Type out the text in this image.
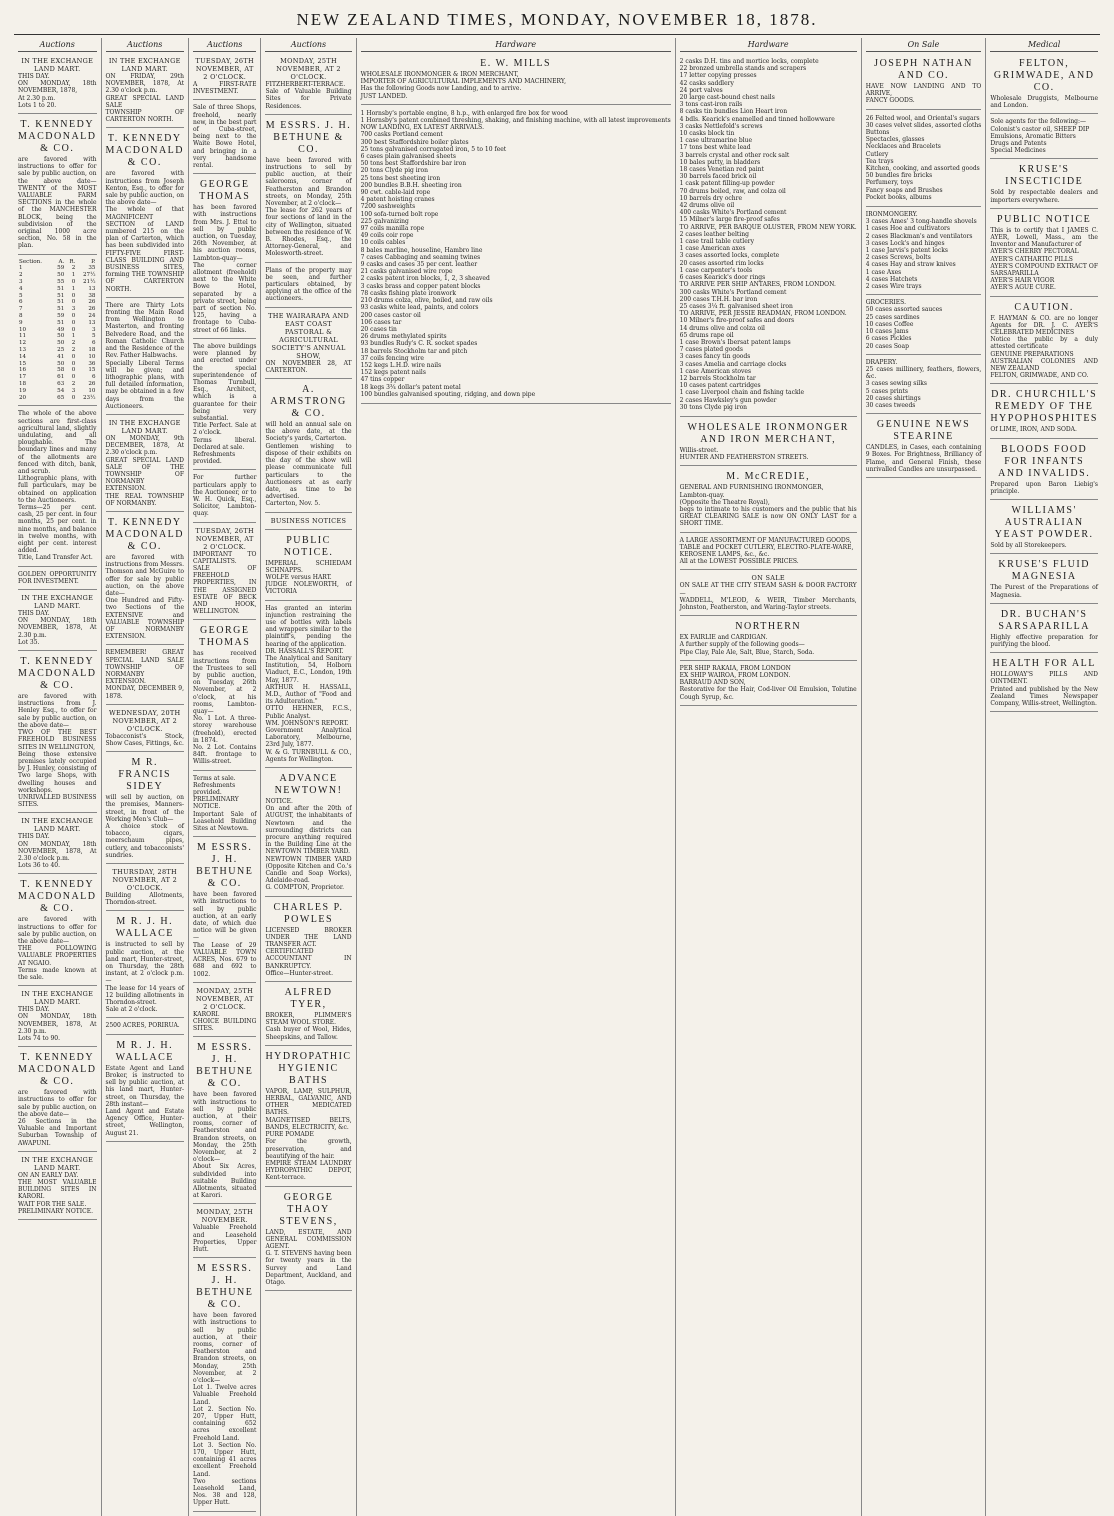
NEW ZEALAND TIMES, MONDAY, NOVEMBER 18, 1878.
Auctions
IN THE EXCHANGE LAND MART.
THIS DAY.
ON MONDAY, 18th NOVEMBER, 1878,
At 2.30 p.m.
Lots 1 to 20.
T. KENNEDY MACDONALD & CO.
are favored with instructions to offer for sale by public auction, on the above date—TWENTY of the MOST VALUABLE FARM SECTIONS in the whole of the MANCHESTER BLOCK, being the subdivision of the original 1000 acre section, No. 58 in the plan.
Section.	A.	R.	P.
1	59	2	35
2	50	1	27½
3	55	0	21½
4	51	1	13
5	51	0	38
6	51	0	26
7	51	3	26
8	59	0	24
9	51	0	13
10	49	0	3
11	50	1	5
12	50	2	6
13	25	2	18
14	41	0	10
15	50	0	36
16	58	0	15
17	61	0	6
18	63	2	26
19	54	3	10
20	65	0	23½
The whole of the above sections are first-class agricultural land, slightly undulating, and all ploughable. The boundary lines and many of the allotments are fenced with ditch, bank, and scrub.
Lithographic plans, with full particulars, may be obtained on application to the Auctioneers.
Terms—25 per cent. cash, 25 per cent. in four months, 25 per cent. in nine months, and balance in twelve months, with eight per cent. interest added.
Title, Land Transfer Act.
GOLDEN OPPORTUNITY FOR INVESTMENT.
IN THE EXCHANGE LAND MART.
THIS DAY.
ON MONDAY, 18th NOVEMBER, 1878, At 2.30 p.m.
Lot 35.
T. KENNEDY MACDONALD & CO.
are favored with instructions from J. Henley Esq., to offer for sale by public auction, on the above date—
TWO OF THE BEST FREEHOLD BUSINESS SITES IN WELLINGTON,
Being those extensive premises lately occupied by J. Hunley, consisting of Two large Shops, with dwelling houses and workshops.
UNRIVALLED BUSINESS SITES.
IN THE EXCHANGE LAND MART.
THIS DAY.
ON MONDAY, 18th NOVEMBER, 1878, At 2.30 o'clock p.m.
Lots 36 to 40.
T. KENNEDY MACDONALD & CO.
are favored with instructions to offer for sale by public auction, on the above date—
THE FOLLOWING VALUABLE PROPERTIES AT NGAIO.
Terms made known at the sale.
IN THE EXCHANGE LAND MART.
THIS DAY.
ON MONDAY, 18th NOVEMBER, 1878, At 2.30 p.m.
Lots 74 to 90.
T. KENNEDY MACDONALD & CO.
are favored with instructions to offer for sale by public auction, on the above date—
26 Sections in the Valuable and Important Suburban Township of AWAPUNI.
IN THE EXCHANGE LAND MART.
ON AN EARLY DAY.
THE MOST VALUABLE BUILDING SITES IN KARORI.
WAIT FOR THE SALE.
PRELIMINARY NOTICE.
Auctions
IN THE EXCHANGE LAND MART.
ON FRIDAY, 29th NOVEMBER, 1878, At 2.30 o'clock p.m.
GREAT SPECIAL LAND SALE
TOWNSHIP OF CARTERTON NORTH.
T. KENNEDY MACDONALD & CO.
are favored with instructions from Joseph Kenton, Esq., to offer for sale by public auction, on the above date—
The whole of that MAGNIFICENT SECTION of LAND numbered 215 on the plan of Carterton, which has been subdivided into FIFTY-FIVE FIRST-CLASS BUILDING AND BUSINESS SITES, forming THE TOWNSHIP OF CARTERTON NORTH.
There are Thirty Lots fronting the Main Road from Wellington to Masterton, and fronting Belvedere Road, and the Roman Catholic Church and the Residence of the Rev. Father Halbwachs.
Specially Liberal Terms will be given; and lithographic plans, with full detailed information, may be obtained in a few days from the Auctioneers.
IN THE EXCHANGE LAND MART.
ON MONDAY, 9th DECEMBER, 1878, At 2.30 o'clock p.m.
GREAT SPECIAL LAND SALE OF THE TOWNSHIP OF NORMANBY EXTENSION.
THE REAL TOWNSHIP OF NORMANBY.
T. KENNEDY MACDONALD & CO.
are favored with instructions from Messrs. Thomson and McGuire to offer for sale by public auction, on the above date—
One Hundred and Fifty-two Sections of the EXTENSIVE and VALUABLE TOWNSHIP OF NORMANBY EXTENSION.
REMEMBER! GREAT SPECIAL LAND SALE TOWNSHIP OF NORMANBY EXTENSION.
MONDAY, DECEMBER 9, 1878.
WEDNESDAY, 20TH NOVEMBER, AT 2 O'CLOCK.
Tobacconist's Stock, Show Cases, Fittings, &c.
M R. FRANCIS SIDEY
will sell by auction, on the premises, Manners-street, in front of the Working Men's Club—
A choice stock of tobacco, cigars, meerschaum pipes, cutlery, and tobacconists' sundries.
THURSDAY, 28TH NOVEMBER, AT 2 O'CLOCK.
Building Allotments, Thorndon-street.
M R. J. H. WALLACE
is instructed to sell by public auction, at the land mart, Hunter-street, on Thursday, the 28th instant, at 2 o'clock p.m.—
The lease for 14 years of 12 building allotments in Thorndon-street.
Sale at 2 o'clock.
2500 ACRES, PORIRUA.
M R. J. H. WALLACE
Estate Agent and Land Broker, is instructed to sell by public auction, at his land mart, Hunter-street, on Thursday, the 28th instant—
Land Agent and Estate Agency Office, Hunter-street, Wellington, August 21.
Auctions
TUESDAY, 26TH NOVEMBER, AT 2 O'CLOCK.
A FIRST-RATE INVESTMENT.
Sale of three Shops, freehold, nearly new, in the best part of Cuba-street, being next to the Waite Bowe Hotel, and bringing in a very handsome rental.
GEORGE THOMAS
has been favored with instructions from Mrs. J. Ettel to sell by public auction, on Tuesday, 26th November, at his auction rooms, Lambton-quay—
The corner allotment (freehold) next to the White Bowe Hotel, separated by a private street, being part of section No. 125, having a frontage to Cuba-street of 66 links.
The above buildings were planned by and erected under the special superintendence of Thomas Turnbull, Esq., Architect, which is a guarantee for their being very substantial.
Title Perfect. Sale at 2 o'clock.
Terms liberal. Declared at sale.
Refreshments provided.
For further particulars apply to the Auctioneer, or to W. H. Quick, Esq., Solicitor, Lambton-quay.
TUESDAY, 26TH NOVEMBER, AT 2 O'CLOCK.
IMPORTANT TO CAPITALISTS.
SALE OF FREEHOLD PROPERTIES, IN THE ASSIGNED ESTATE OF BECK AND HOOK, WELLINGTON.
GEORGE THOMAS
has received instructions from the Trustees to sell by public auction, on Tuesday, 26th November, at 2 o'clock, at his rooms, Lambton-quay—
No. 1 Lot. A three-storey warehouse (freehold), erected in 1874.
No. 2 Lot. Contains 84ft. frontage to Willis-street.
Terms at sale.
Refreshments provided.
PRELIMINARY NOTICE.
Important Sale of Leasehold Building Sites at Newtown.
M ESSRS. J. H. BETHUNE & CO.
have been favored with instructions to sell by public auction, at an early date, of which due notice will be given—
The Lease of 29 VALUABLE TOWN ACRES, Nos. 679 to 688 and 692 to 1002.
MONDAY, 25TH NOVEMBER, AT 2 O'CLOCK.
KARORI.
CHOICE BUILDING SITES.
M ESSRS. J. H. BETHUNE & CO.
have been favored with instructions to sell by public auction, at their rooms, corner of Featherston and Brandon streets, on Monday, the 25th November, at 2 o'clock—
About Six Acres, subdivided into suitable Building Allotments, situated at Karori.
MONDAY, 25TH NOVEMBER.
Valuable Freehold and Leasehold Properties, Upper Hutt.
M ESSRS. J. H. BETHUNE & CO.
have been favored with instructions to sell by public auction, at their rooms, corner of Featherston and Brandon streets, on Monday, 25th November, at 2 o'clock—
Lot 1. Twelve acres Valuable Freehold Land.
Lot 2. Section No. 207, Upper Hutt, containing 652 acres excellent Freehold Land.
Lot 3. Section No. 170, Upper Hutt, containing 41 acres excellent Freehold Land.
Two sections Leasehold Land, Nos. 38 and 128, Upper Hutt.
Auctions
MONDAY, 25TH NOVEMBER, AT 2 O'CLOCK.
FITZHERBERT-TERRACE.
Sale of Valuable Building Sites for Private Residences.
M ESSRS. J. H. BETHUNE & CO.
have been favored with instructions to sell by public auction, at their salerooms, corner of Featherston and Brandon streets, on Monday, 25th November, at 2 o'clock—
The lease for 262 years of four sections of land in the city of Wellington, situated between the residence of W. B. Rhodes, Esq., the Attorney-General, and Molesworth-street.
Plans of the property may be seen, and further particulars obtained, by applying at the office of the auctioneers.
THE WAIRARAPA AND EAST COAST PASTORAL & AGRICULTURAL SOCIETY'S ANNUAL SHOW,
ON NOVEMBER 28, AT CARTERTON.
A. ARMSTRONG & CO.
will hold an annual sale on the above date, at the Society's yards, Carterton.
Gentlemen wishing to dispose of their exhibits on the day of the show will please communicate full particulars to the Auctioneers at as early date, as time to be advertised.
Carterton, Nov. 5.
BUSINESS NOTICES
PUBLIC NOTICE.
IMPERIAL SCHIEDAM SCHNAPPS.
WOLFE versus HART.
JUDGE NOLEWORTH, of VICTORIA
Has granted an interim injunction restraining the use of bottles with labels and wrappers similar to the plaintiff's, pending the hearing of the application.
DR. HASSALL'S REPORT.
The Analytical and Sanitary Institution, 54, Holborn Viaduct, E.C., London, 19th May, 1877.
ARTHUR H. HASSALL, M.D., Author of "Food and its Adulteration."
OTTO HEHNER, F.C.S., Public Analyst.
WM. JOHNSON'S REPORT.
Government Analytical Laboratory, Melbourne, 23rd July, 1877.
W. & G. TURNBULL & CO., Agents for Wellington.
ADVANCE NEWTOWN!
NOTICE.
On and after the 20th of AUGUST, the inhabitants of Newtown and the surrounding districts can procure anything required in the Building Line at the NEWTOWN TIMBER YARD.
NEWTOWN TIMBER YARD (Opposite Kitchen and Co.'s Candle and Soap Works), Adelaide-road.
G. COMPTON, Proprietor.
CHARLES P. POWLES
LICENSED BROKER UNDER THE LAND TRANSFER ACT.
CERTIFICATED ACCOUNTANT IN BANKRUPTCY.
Office—Hunter-street.
ALFRED TYER,
BROKER, PLIMMER'S STEAM WOOL STORE.
Cash buyer of Wool, Hides, Sheepskins, and Tallow.
HYDROPATHIC HYGIENIC BATHS
VAPOR, LAMP, SULPHUR, HERBAL, GALVANIC, AND OTHER MEDICATED BATHS.
MAGNETISED BELTS, BANDS, ELECTRICITY, &c.
PURE POMADE
For the growth, preservation, and beautifying of the hair.
EMPIRE STEAM LAUNDRY HYDROPATHIC DEPOT, Kent-terrace.
GEORGE THAOY STEVENS,
LAND, ESTATE, AND GENERAL COMMISSION AGENT.
G. T. STEVENS having been for twenty years in the Survey and Land Department, Auckland, and Otago.
Hardware
E. W. MILLS
WHOLESALE IRONMONGER & IRON MERCHANT,
IMPORTER OF AGRICULTURAL IMPLEMENTS AND MACHINERY,
Has the following Goods now Landing, and to arrive.
JUST LANDED.
1 Hornsby's portable engine, 8 h.p., with enlarged fire box for wood
1 Hornsby's patent combined threshing, shaking, and finishing machine, with all latest improvements
NOW LANDING, EX LATEST ARRIVALS.
700 casks Portland cement
300 best Staffordshire boiler plates
25 tons galvanised corrugated iron, 5 to 10 feet
6 cases plain galvanised sheets
50 tons best Staffordshire bar iron
20 tons Clyde pig iron
25 tons best sheeting iron
200 bundles B.B.H. sheeting iron
90 cwt. cable-laid rope
4 patent hoisting cranes
7200 sashweights
100 sofa-turned bolt rope
225 galvanizing
97 coils manilla rope
49 coils coir rope
10 coils cables
8 bales marline, houseline, Hambro line
7 cases Cabbaging and seaming twines
9 casks and cases 35 per cent. leather
21 casks galvanised wire rope
2 casks patent iron blocks, 1, 2, 3 sheaved
3 casks brass and copper patent blocks
78 casks fishing plate ironwork
210 drums colza, olive, boiled, and raw oils
93 casks white lead, paints, and colors
200 cases castor oil
106 cases tar
20 cases tin
26 drums methylated spirits
93 bundles Rudy's C. R. socket spades
18 barrels Stockholm tar and pitch
37 coils fencing wire
152 kegs L.H.D. wire nails
152 kegs patent nails
47 tins copper
18 kegs 3¾ dollar's patent metal
100 bundles galvanised spouting, ridging, and down pipe
Hardware
2 casks D.H. tins and mortice locks, complete
22 bronzed umbrella stands and scrapers
17 letter copying presses
42 casks saddlery
24 port valves
20 large cast-bound chest nails
3 tons cast-iron rails
8 casks tin bundles Lion Heart iron
4 bdls. Kearick's enamelled and tinned hollowware
3 casks Nettlefold's screws
10 casks block tin
1 case ultramarine blue
17 tons best white lead
3 barrels crystal and other rock salt
10 bales putty, in bladders
18 cases Venetian red paint
30 barrels faced brick oil
1 cask patent filling-up powder
70 drums boiled, raw, and colza oil
10 barrels dry ochre
42 drums olive oil
400 casks White's Portland cement
15 Milner's large fire-proof safes
TO ARRIVE, PER BARQUE OLUSTER, FROM NEW YORK.
2 cases leather belting
1 case trail table cutlery
1 case American axes
3 cases assorted locks, complete
20 cases assorted rim locks
1 case carpenter's tools
6 cases Kearick's door rings
TO ARRIVE PER SHIP ANTARES, FROM LONDON.
300 casks White's Portland cement
200 cases T.H.H. bar iron
25 cases 3¼ ft. galvanised sheet iron
TO ARRIVE, PER JESSIE READMAN, FROM LONDON.
10 Milner's fire-proof safes and doors
14 drums olive and colza oil
65 drums rape oil
1 case Brown's Ibersat patent lamps
7 cases plated goods
3 cases fancy tin goods
3 cases Amelia and carriage clocks
1 case American stoves
12 barrels Stockholm tar
10 cases patent cartridges
1 case Liverpool chain and fishing tackle
2 cases Hawksley's gun powder
30 tons Clyde pig iron
WHOLESALE IRONMONGER AND IRON MERCHANT,
Willis-street.
HUNTER AND FEATHERSTON STREETS.
M. McCREDIE,
GENERAL AND FURNISHING IRONMONGER,
Lambton-quay.
(Opposite the Theatre Royal),
begs to intimate to his customers and the public that his GREAT CLEARING SALE is now ON ONLY LAST for a SHORT TIME.
A LARGE ASSORTMENT OF MANUFACTURED GOODS,
TABLE and POCKET CUTLERY, ELECTRO-PLATE-WARE,
KEROSENE LAMPS, &c., &c.
All at the LOWEST POSSIBLE PRICES.
ON SALE
ON SALE AT THE CITY STEAM SASH & DOOR FACTORY—
WADDELL, M'LEOD, & WEIR, Timber Merchants, Johnston, Featherston, and Waring-Taylor streets.
NORTHERN
EX FAIRLIE and CARDIGAN.
A further supply of the following goods—
Pipe Clay, Pale Ale, Salt, Blue, Starch, Soda.
PER SHIP RAKAIA, FROM LONDON
EX SHIP WAIROA, FROM LONDON.
BARRAUD AND SON,
Restorative for the Hair, Cod-liver Oil Emulsion, Tolutine Cough Syrup, &c.
On Sale
JOSEPH NATHAN AND CO.
HAVE NOW LANDING AND TO ARRIVE,
FANCY GOODS.
26 Felted wool, and Oriental's sugars
30 cases velvet slides, assorted cloths
Buttons
Spectacles, glasses
Necklaces and Bracelets
Cutlery
Tea trays
Kitchen, cooking, and assorted goods
50 bundles fire bricks
Perfumery, toys
Fancy soaps and Brushes
Pocket books, albums
IRONMONGERY.
3 cases Ames' 3 tong-handle shovels
1 cases Hoe and cultivators
2 cases Blackman's and ventilators
3 cases Lock's and hinges
1 case Jarvis's patent locks
2 cases Screws, bolts
4 cases Hay and straw knives
1 case Axes
4 cases Hatchets
2 cases Wire trays
GROCERIES.
50 cases assorted sauces
25 cases sardines
10 cases Coffee
10 cases Jams
6 cases Pickles
20 cases Soap
DRAPERY.
25 cases millinery, feathers, flowers, &c.
3 cases sewing silks
5 cases prints
20 cases shirtings
30 cases tweeds
GENUINE NEWS STEARINE
CANDLES, in Cases, each containing 9 Boxes. For Brightness, Brilliancy of Flame, and General Finish, these unrivalled Candles are unsurpassed.
Medical
FELTON, GRIMWADE, AND CO.
Wholesale Druggists, Melbourne and London.
Sole agents for the following:—
Colonist's castor oil, SHEEP DIP
Emulsions, Aromatic Bitters
Drugs and Patents
Special Medicines
KRUSE'S INSECTICIDE
Sold by respectable dealers and importers everywhere.
PUBLIC NOTICE
This is to certify that I JAMES C. AYER, Lowell, Mass., am the Inventor and Manufacturer of
AYER'S CHERRY PECTORAL
AYER'S CATHARTIC PILLS
AYER'S COMPOUND EXTRACT OF SARSAPARILLA
AYER'S HAIR VIGOR
AYER'S AGUE CURE.
CAUTION.
F. HAYMAN & CO. are no longer Agents for DR. J. C. AYER'S CELEBRATED MEDICINES
Notice the public by a duly attested certificate
GENUINE PREPARATIONS
AUSTRALIAN COLONIES AND NEW ZEALAND
FELTON, GRIMWADE, AND CO.
DR. CHURCHILL'S REMEDY OF THE HYPOPHOSPHITES
Of LIME, IRON, AND SODA.
BLOODS FOOD FOR INFANTS AND INVALIDS.
Prepared upon Baron Liebig's principle.
WILLIAMS' AUSTRALIAN YEAST POWDER.
Sold by all Storekeepers.
KRUSE'S FLUID MAGNESIA
The Purest of the Preparations of Magnesia.
DR. BUCHAN'S SARSAPARILLA
Highly effective preparation for purifying the blood.
HEALTH FOR ALL
HOLLOWAY'S PILLS AND OINTMENT.
Printed and published by the New Zealand Times Newspaper Company, Willis-street, Wellington.
